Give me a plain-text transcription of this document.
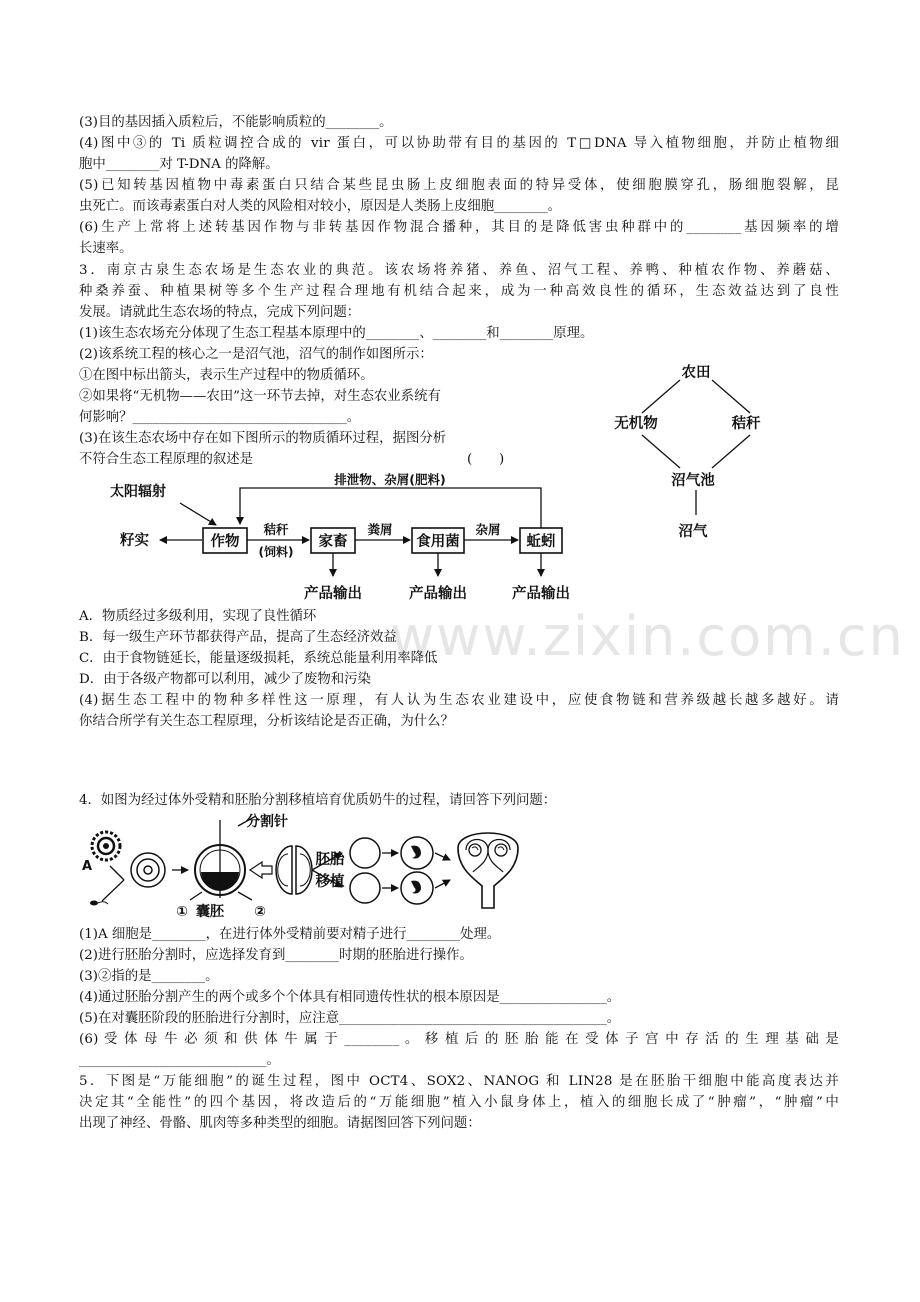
www.zixin.com.cn
(3)目的基因插入质粒后，不能影响质粒的________。
(4)图中③的 Ti 质粒调控合成的 vir 蛋白，可以协助带有目的基因的 T□DNA 导入植物细胞，并防止植物细
胞中________对 T-DNA 的降解。
(5)已知转基因植物中毒素蛋白只结合某些昆虫肠上皮细胞表面的特异受体，使细胞膜穿孔，肠细胞裂解，昆
虫死亡。而该毒素蛋白对人类的风险相对较小，原因是人类肠上皮细胞________。
(6)生产上常将上述转基因作物与非转基因作物混合播种，其目的是降低害虫种群中的________基因频率的增
长速率。
3．南京古泉生态农场是生态农业的典范。该农场将养猪、养鱼、沼气工程、养鸭、种植农作物、养蘑菇、
种桑养蚕、种植果树等多个生产过程合理地有机结合起来，成为一种高效良性的循环，生态效益达到了良性
发展。请就此生态农场的特点，完成下列问题：
(1)该生态农场充分体现了生态工程基本原理中的________、________和________原理。
(2)该系统工程的核心之一是沼气池，沼气的制作如图所示：
①在图中标出箭头，表示生产过程中的物质循环。
②如果将“无机物——农田”这一环节去掉，对生态农业系统有
何影响？________________________________。
(3)在该生态农场中存在如下图所示的物质循环过程，据图分析
不符合生态工程原理的叙述是	(　　)
农田
无机物	秸秆
沼气池
沼气
排泄物、杂屑(肥料)
太阳辐射
籽实	作物	家畜	食用菌	蚯蚓
秸秆
(饲料)
粪屑	杂屑
产品输出	产品输出	产品输出
A．物质经过多级利用，实现了良性循环
B．每一级生产环节都获得产品，提高了生态经济效益
C．由于食物链延长，能量逐级损耗，系统总能量利用率降低
D．由于各级产物都可以利用，减少了废物和污染
(4)据生态工程中的物种多样性这一原理，有人认为生态农业建设中，应使食物链和营养级越长越多越好。请
你结合所学有关生态工程原理，分析该结论是否正确，为什么？
4．如图为经过体外受精和胚胎分割移植培育优质奶牛的过程，请回答下列问题：
A
分割针
① 囊胚 ②
胚胎
移植
(1)A 细胞是________，在进行体外受精前要对精子进行________处理。
(2)进行胚胎分割时，应选择发育到________时期的胚胎进行操作。
(3)②指的是________。
(4)通过胚胎分割产生的两个或多个个体具有相同遗传性状的根本原因是________________。
(5)在对囊胚阶段的胚胎进行分割时，应注意________________________________________。
(6) 受 体 母 牛 必 须 和 供 体 牛 属 于 ________ 。 移 植 后 的 胚 胎 能 在 受 体 子 宫 中 存 活 的 生 理 基 础 是
____________________________。
5．下图是“万能细胞”的诞生过程，图中 OCT4、SOX2、NANOG 和 LIN28 是在胚胎干细胞中能高度表达并
决定其“全能性”的四个基因，将改造后的“万能细胞”植入小鼠身体上，植入的细胞长成了“肿瘤”，“肿瘤”中
出现了神经、骨骼、肌肉等多种类型的细胞。请据图回答下列问题：
